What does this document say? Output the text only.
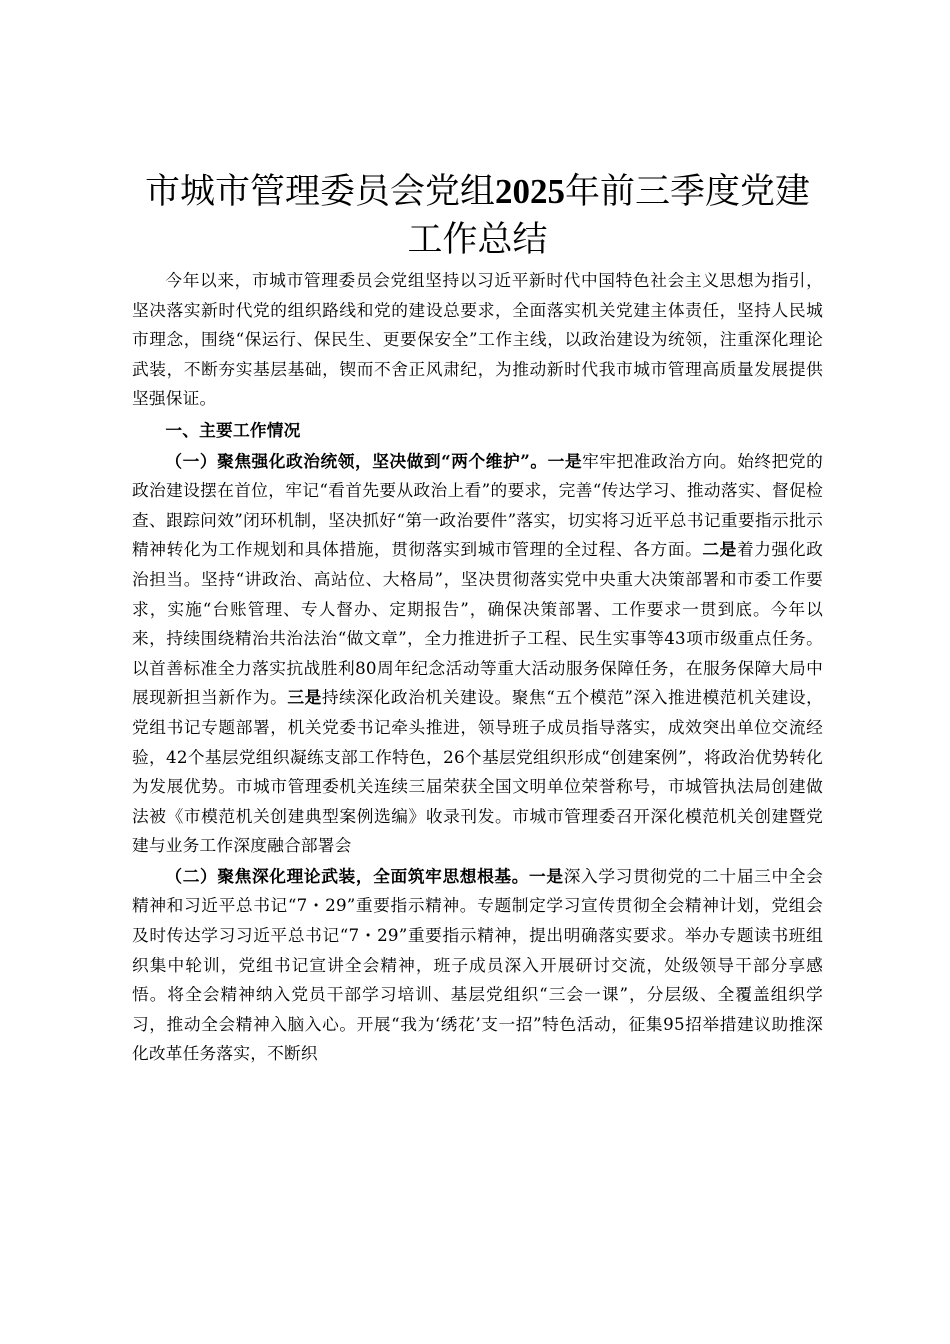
市城市管理委员会党组2025年前三季度党建
工作总结

今年以来，市城市管理委员会党组坚持以习近平新时代中国特色社会主义思想为指引，坚决落实新时代党的组织路线和党的建设总要求，全面落实机关党建主体责任，坚持人民城市理念，围绕“保运行、保民生、更要保安全”工作主线，以政治建设为统领，注重深化理论武装，不断夯实基层基础，锲而不舍正风肃纪，为推动新时代我市城市管理高质量发展提供坚强保证。

一、主要工作情况

（一）聚焦强化政治统领，坚决做到“两个维护”。一是牢牢把准政治方向。始终把党的政治建设摆在首位，牢记“看首先要从政治上看”的要求，完善“传达学习、推动落实、督促检查、跟踪问效”闭环机制，坚决抓好“第一政治要件”落实，切实将习近平总书记重要指示批示精神转化为工作规划和具体措施，贯彻落实到城市管理的全过程、各方面。二是着力强化政治担当。坚持“讲政治、高站位、大格局”，坚决贯彻落实党中央重大决策部署和市委工作要求，实施“台账管理、专人督办、定期报告”，确保决策部署、工作要求一贯到底。今年以来，持续围绕精治共治法治“做文章”，全力推进折子工程、民生实事等43项市级重点任务。以首善标准全力落实抗战胜利80周年纪念活动等重大活动服务保障任务，在服务保障大局中展现新担当新作为。三是持续深化政治机关建设。聚焦“五个模范”深入推进模范机关建设，党组书记专题部署，机关党委书记牵头推进，领导班子成员指导落实，成效突出单位交流经验，42个基层党组织凝练支部工作特色，26个基层党组织形成“创建案例”，将政治优势转化为发展优势。市城市管理委机关连续三届荣获全国文明单位荣誉称号，市城管执法局创建做法被《市模范机关创建典型案例选编》收录刊发。市城市管理委召开深化模范机关创建暨党建与业务工作深度融合部署会

（二）聚焦深化理论武装，全面筑牢思想根基。一是深入学习贯彻党的二十届三中全会精神和习近平总书记“7・29”重要指示精神。专题制定学习宣传贯彻全会精神计划，党组会及时传达学习习近平总书记“7・29”重要指示精神，提出明确落实要求。举办专题读书班组织集中轮训，党组书记宣讲全会精神，班子成员深入开展研讨交流，处级领导干部分享感悟。将全会精神纳入党员干部学习培训、基层党组织“三会一课”，分层级、全覆盖组织学习，推动全会精神入脑入心。开展“我为‘绣花’支一招”特色活动，征集95招举措建议助推深化改革任务落实，不断织
